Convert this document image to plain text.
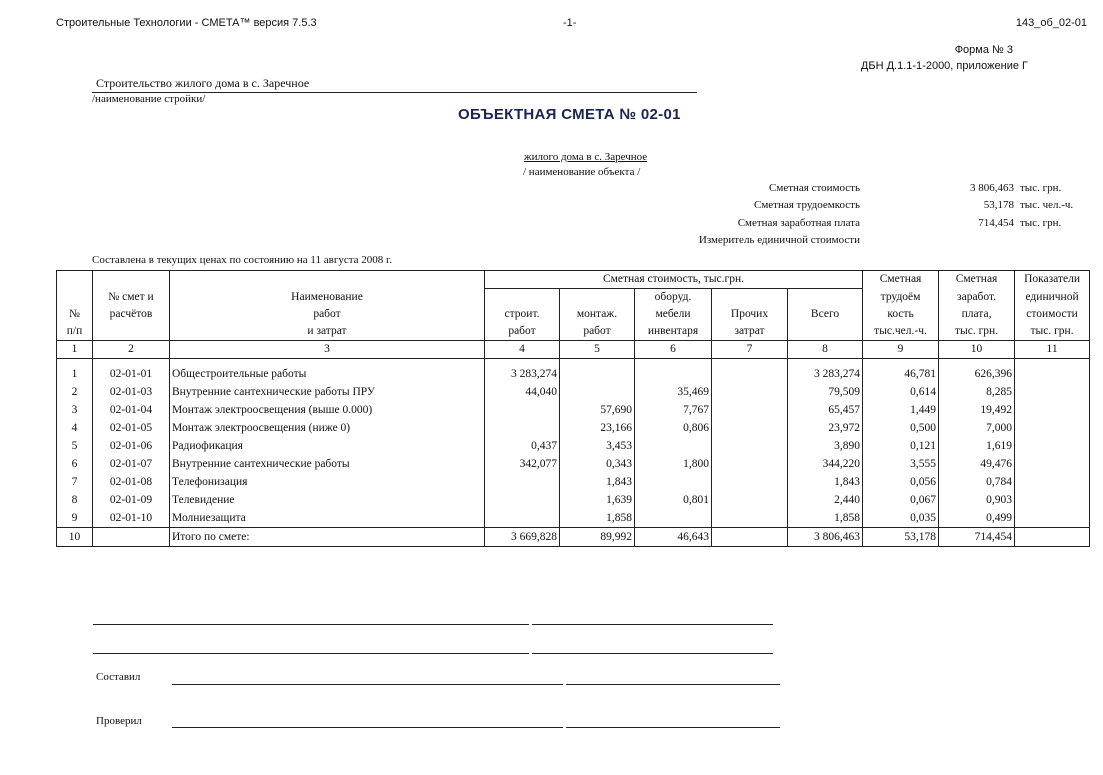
Строительные Технологии - СМЕТА™ версия 7.5.3	-1-	143_об_02-01
Форма № 3
ДБН Д.1.1-1-2000, приложение Г
Строительство жилого дома в с. Заречное
/наименование стройки/
ОБЪЕКТНАЯ СМЕТА № 02-01
жилого дома в с. Заречное
/ наименование объекта /
Сметная стоимость	3 806,463 тыс. грн.
Сметная трудоемкость	53,178 тыс. чел.-ч.
Сметная заработная плата	714,454 тыс. грн.
Измеритель единичной стоимости
Составлена в текущих ценах по состоянию на 11 августа 2008 г.
			Сметная стоимость, тыс.грн.					Сметная	Сметная	Показатели
	№ смет и	Наименование			оборуд.			трудоём	заработ.	единичной
№	расчётов	работ	строит.	монтаж.	мебели	Прочих	Всего	кость	плата,	стоимости
п/п		и затрат	работ	работ	инвентаря	затрат		тыс.чел.-ч.	тыс. грн.	тыс. грн.
1	2	3	4	5	6	7	8	9	10	11
1	02-01-01	Общестроительные работы	3 283,274				3 283,274	46,781	626,396	
2	02-01-03	Внутренние сантехнические работы ПРУ	44,040		35,469		79,509	0,614	8,285	
3	02-01-04	Монтаж электроосвещения (выше 0.000)		57,690	7,767		65,457	1,449	19,492	
4	02-01-05	Монтаж электроосвещения (ниже 0)		23,166	0,806		23,972	0,500	7,000	
5	02-01-06	Радиофикация	0,437	3,453			3,890	0,121	1,619	
6	02-01-07	Внутренние сантехнические работы	342,077	0,343	1,800		344,220	3,555	49,476	
7	02-01-08	Телефонизация		1,843			1,843	0,056	0,784	
8	02-01-09	Телевидение		1,639	0,801		2,440	0,067	0,903	
9	02-01-10	Молниезащита		1,858			1,858	0,035	0,499	
10		Итого по смете:	3 669,828	89,992	46,643		3 806,463	53,178	714,454	
Составил
Проверил
